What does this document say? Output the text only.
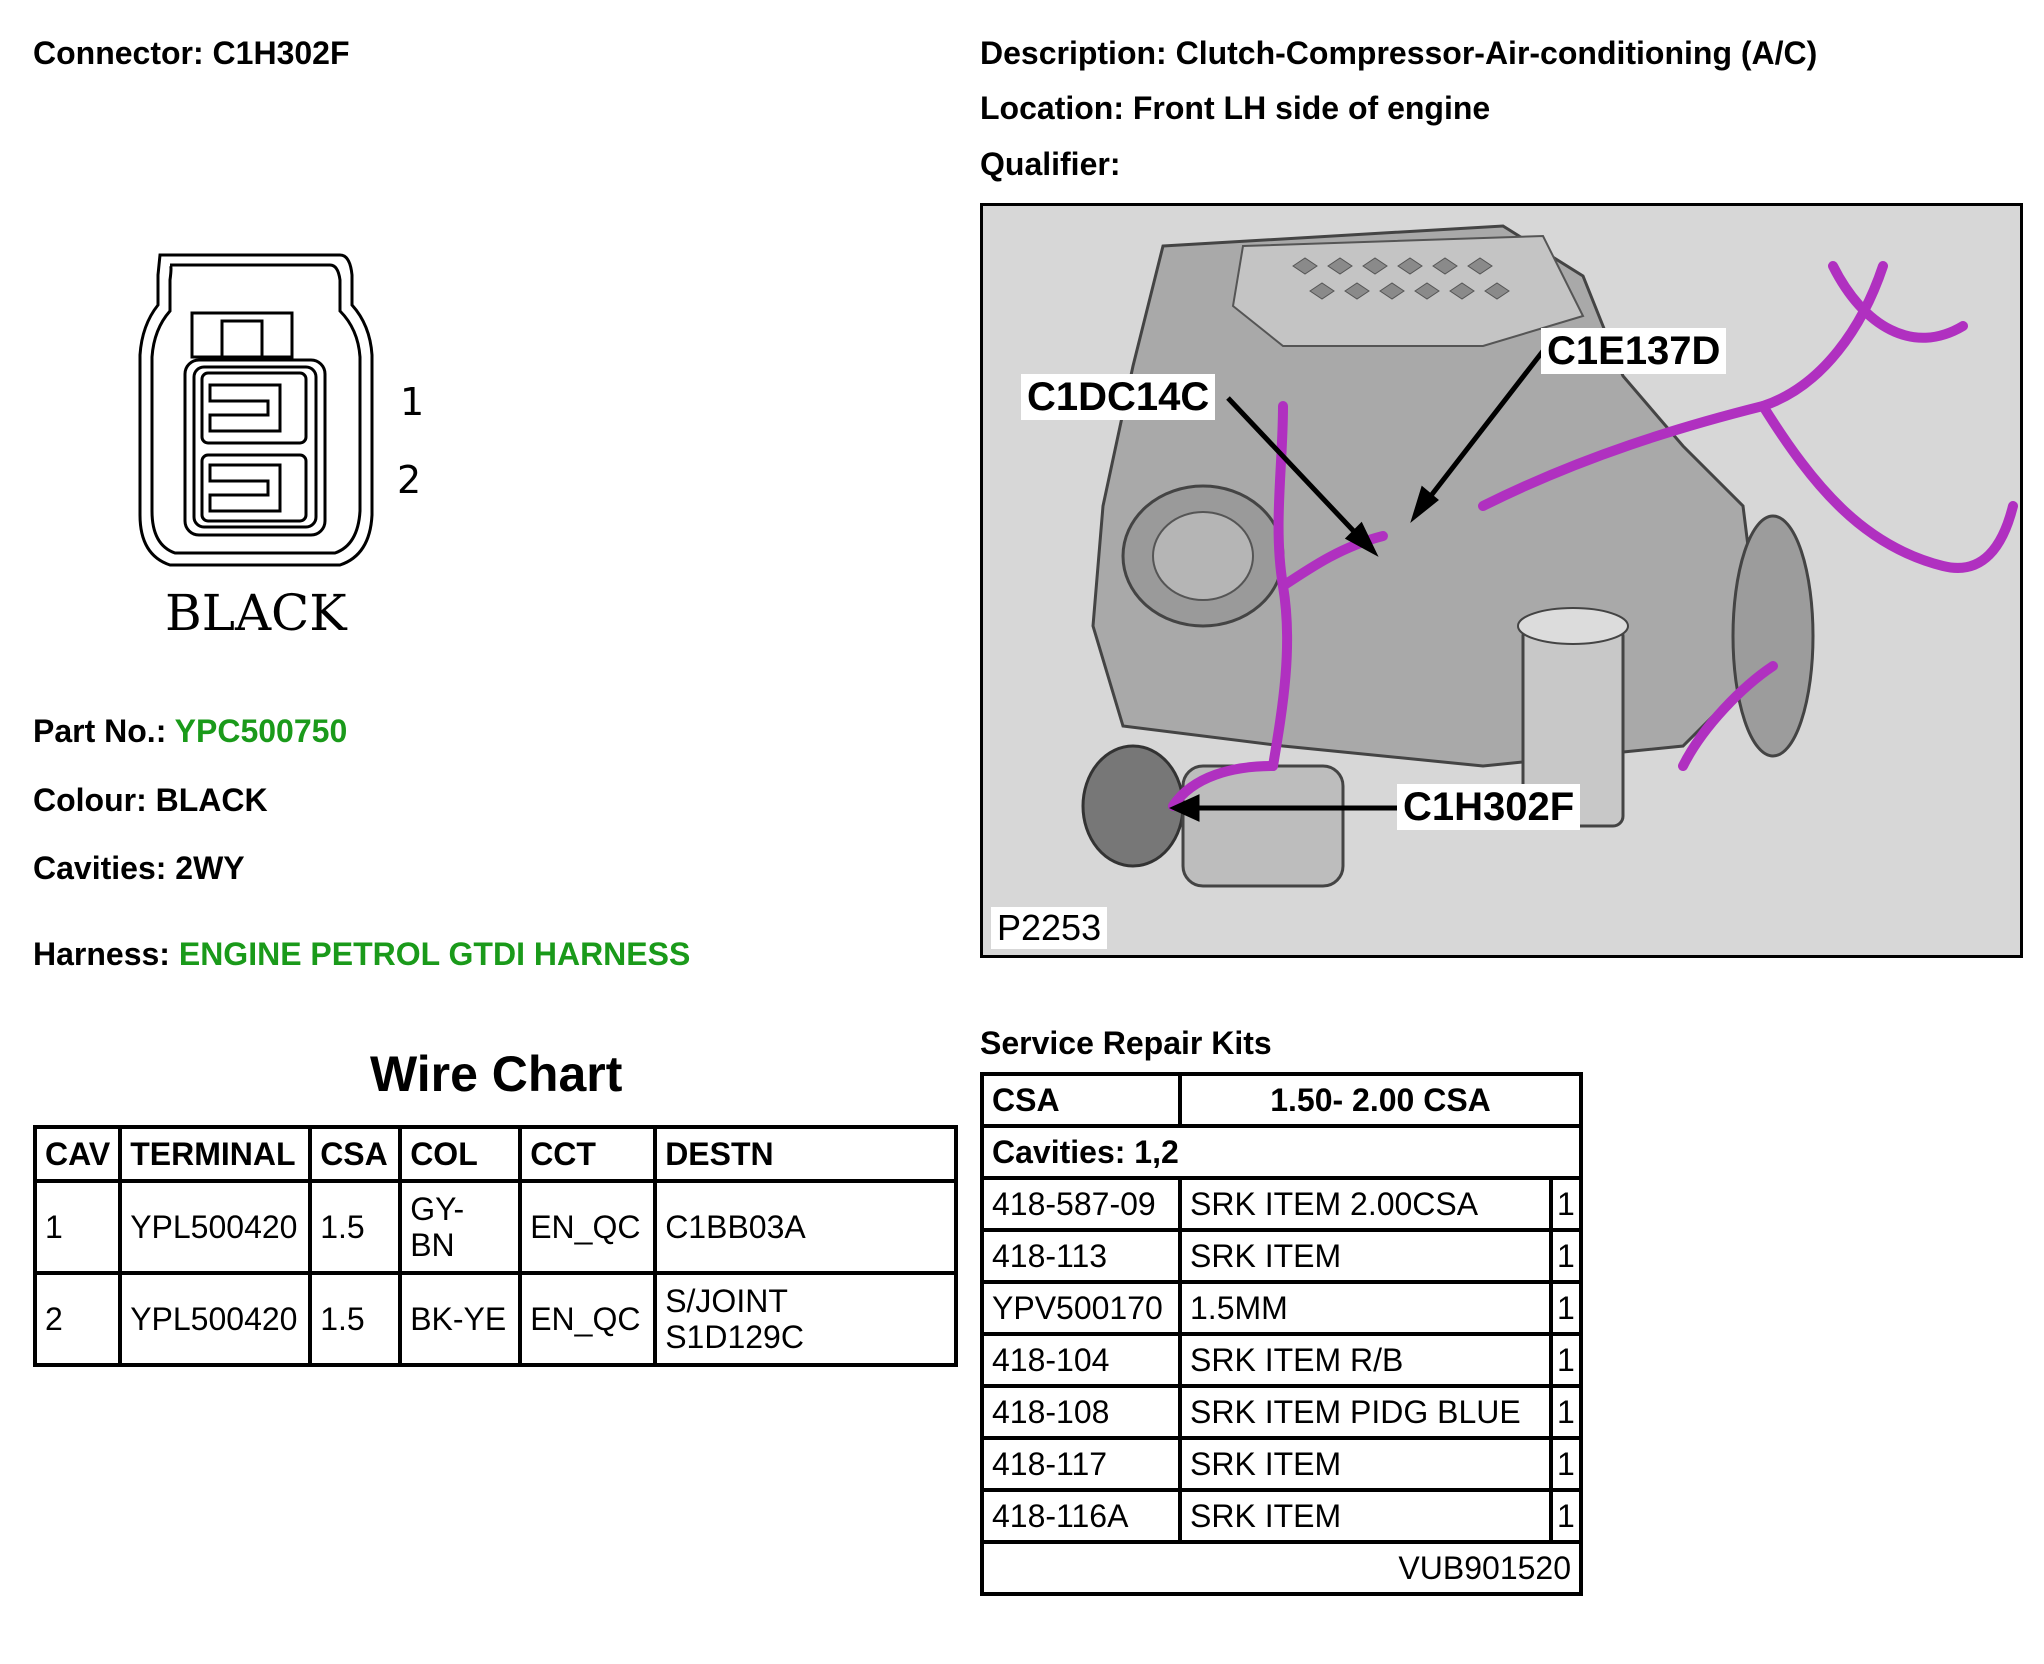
Connector: C1H302F	Description: Clutch-Compressor-Air-conditioning (A/C)
Location: Front LH side of engine
Qualifier:
1
2
BLACK
Part No.: YPC500750
Colour: BLACK
Cavities: 2WY
Harness: ENGINE PETROL GTDI HARNESS
C1DC14C
C1E137D
C1H302F
P2253
Wire Chart
CAV	TERMINAL	CSA	COL	CCT	DESTN
1	YPL500420	1.5	GY-BN	EN_QC	C1BB03A
2	YPL500420	1.5	BK-YE	EN_QC	S/JOINT S1D129C
Service Repair Kits
CSA	1.50- 2.00 CSA	
Cavities: 1,2		
418-587-09	SRK ITEM 2.00CSA	1
418-113	SRK ITEM	1
YPV500170	1.5MM	1
418-104	SRK ITEM R/B	1
418-108	SRK ITEM PIDG BLUE	1
418-117	SRK ITEM	1
418-116A	SRK ITEM	1
VUB901520		
